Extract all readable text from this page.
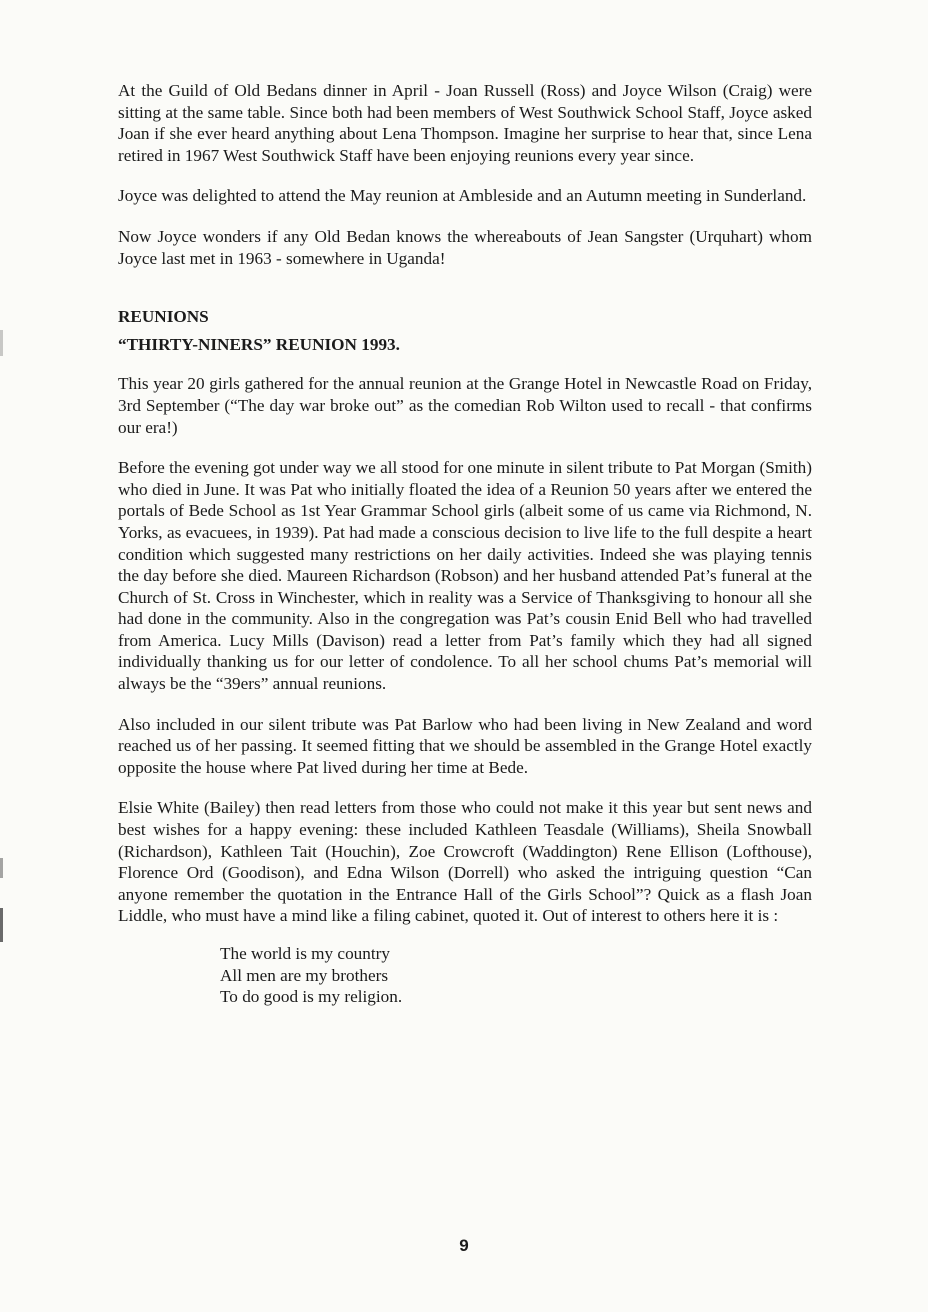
At the Guild of Old Bedans dinner in April - Joan Russell (Ross) and Joyce Wilson (Craig) were sitting at the same table. Since both had been members of West Southwick School Staff, Joyce asked Joan if she ever heard anything about Lena Thompson. Imagine her surprise to hear that, since Lena retired in 1967 West Southwick Staff have been enjoying reunions every year since.

Joyce was delighted to attend the May reunion at Ambleside and an Autumn meeting in Sunderland.

Now Joyce wonders if any Old Bedan knows the whereabouts of Jean Sangster (Urquhart) whom Joyce last met in 1963 - somewhere in Uganda!

REUNIONS
“THIRTY-NINERS” REUNION 1993.

This year 20 girls gathered for the annual reunion at the Grange Hotel in Newcastle Road on Friday, 3rd September (“The day war broke out” as the comedian Rob Wilton used to recall - that confirms our era!)

Before the evening got under way we all stood for one minute in silent tribute to Pat Morgan (Smith) who died in June. It was Pat who initially floated the idea of a Reunion 50 years after we entered the portals of Bede School as 1st Year Grammar School girls (albeit some of us came via Richmond, N. Yorks, as evacuees, in 1939). Pat had made a conscious decision to live life to the full despite a heart condition which suggested many restrictions on her daily activities. Indeed she was playing tennis the day before she died. Maureen Richardson (Robson) and her husband attended Pat’s funeral at the Church of St. Cross in Winchester, which in reality was a Service of Thanksgiving to honour all she had done in the community. Also in the congregation was Pat’s cousin Enid Bell who had travelled from America. Lucy Mills (Davison) read a letter from Pat’s family which they had all signed individually thanking us for our letter of condolence. To all her school chums Pat’s memorial will always be the “39ers” annual reunions.

Also included in our silent tribute was Pat Barlow who had been living in New Zealand and word reached us of her passing. It seemed fitting that we should be assembled in the Grange Hotel exactly opposite the house where Pat lived during her time at Bede.

Elsie White (Bailey) then read letters from those who could not make it this year but sent news and best wishes for a happy evening: these included Kathleen Teasdale (Williams), Sheila Snowball (Richardson), Kathleen Tait (Houchin), Zoe Crowcroft (Waddington) Rene Ellison (Lofthouse), Florence Ord (Goodison), and Edna Wilson (Dorrell) who asked the intriguing question “Can anyone remember the quotation in the Entrance Hall of the Girls School”? Quick as a flash Joan Liddle, who must have a mind like a filing cabinet, quoted it. Out of interest to others here it is :

The world is my country
All men are my brothers
To do good is my religion.
9
